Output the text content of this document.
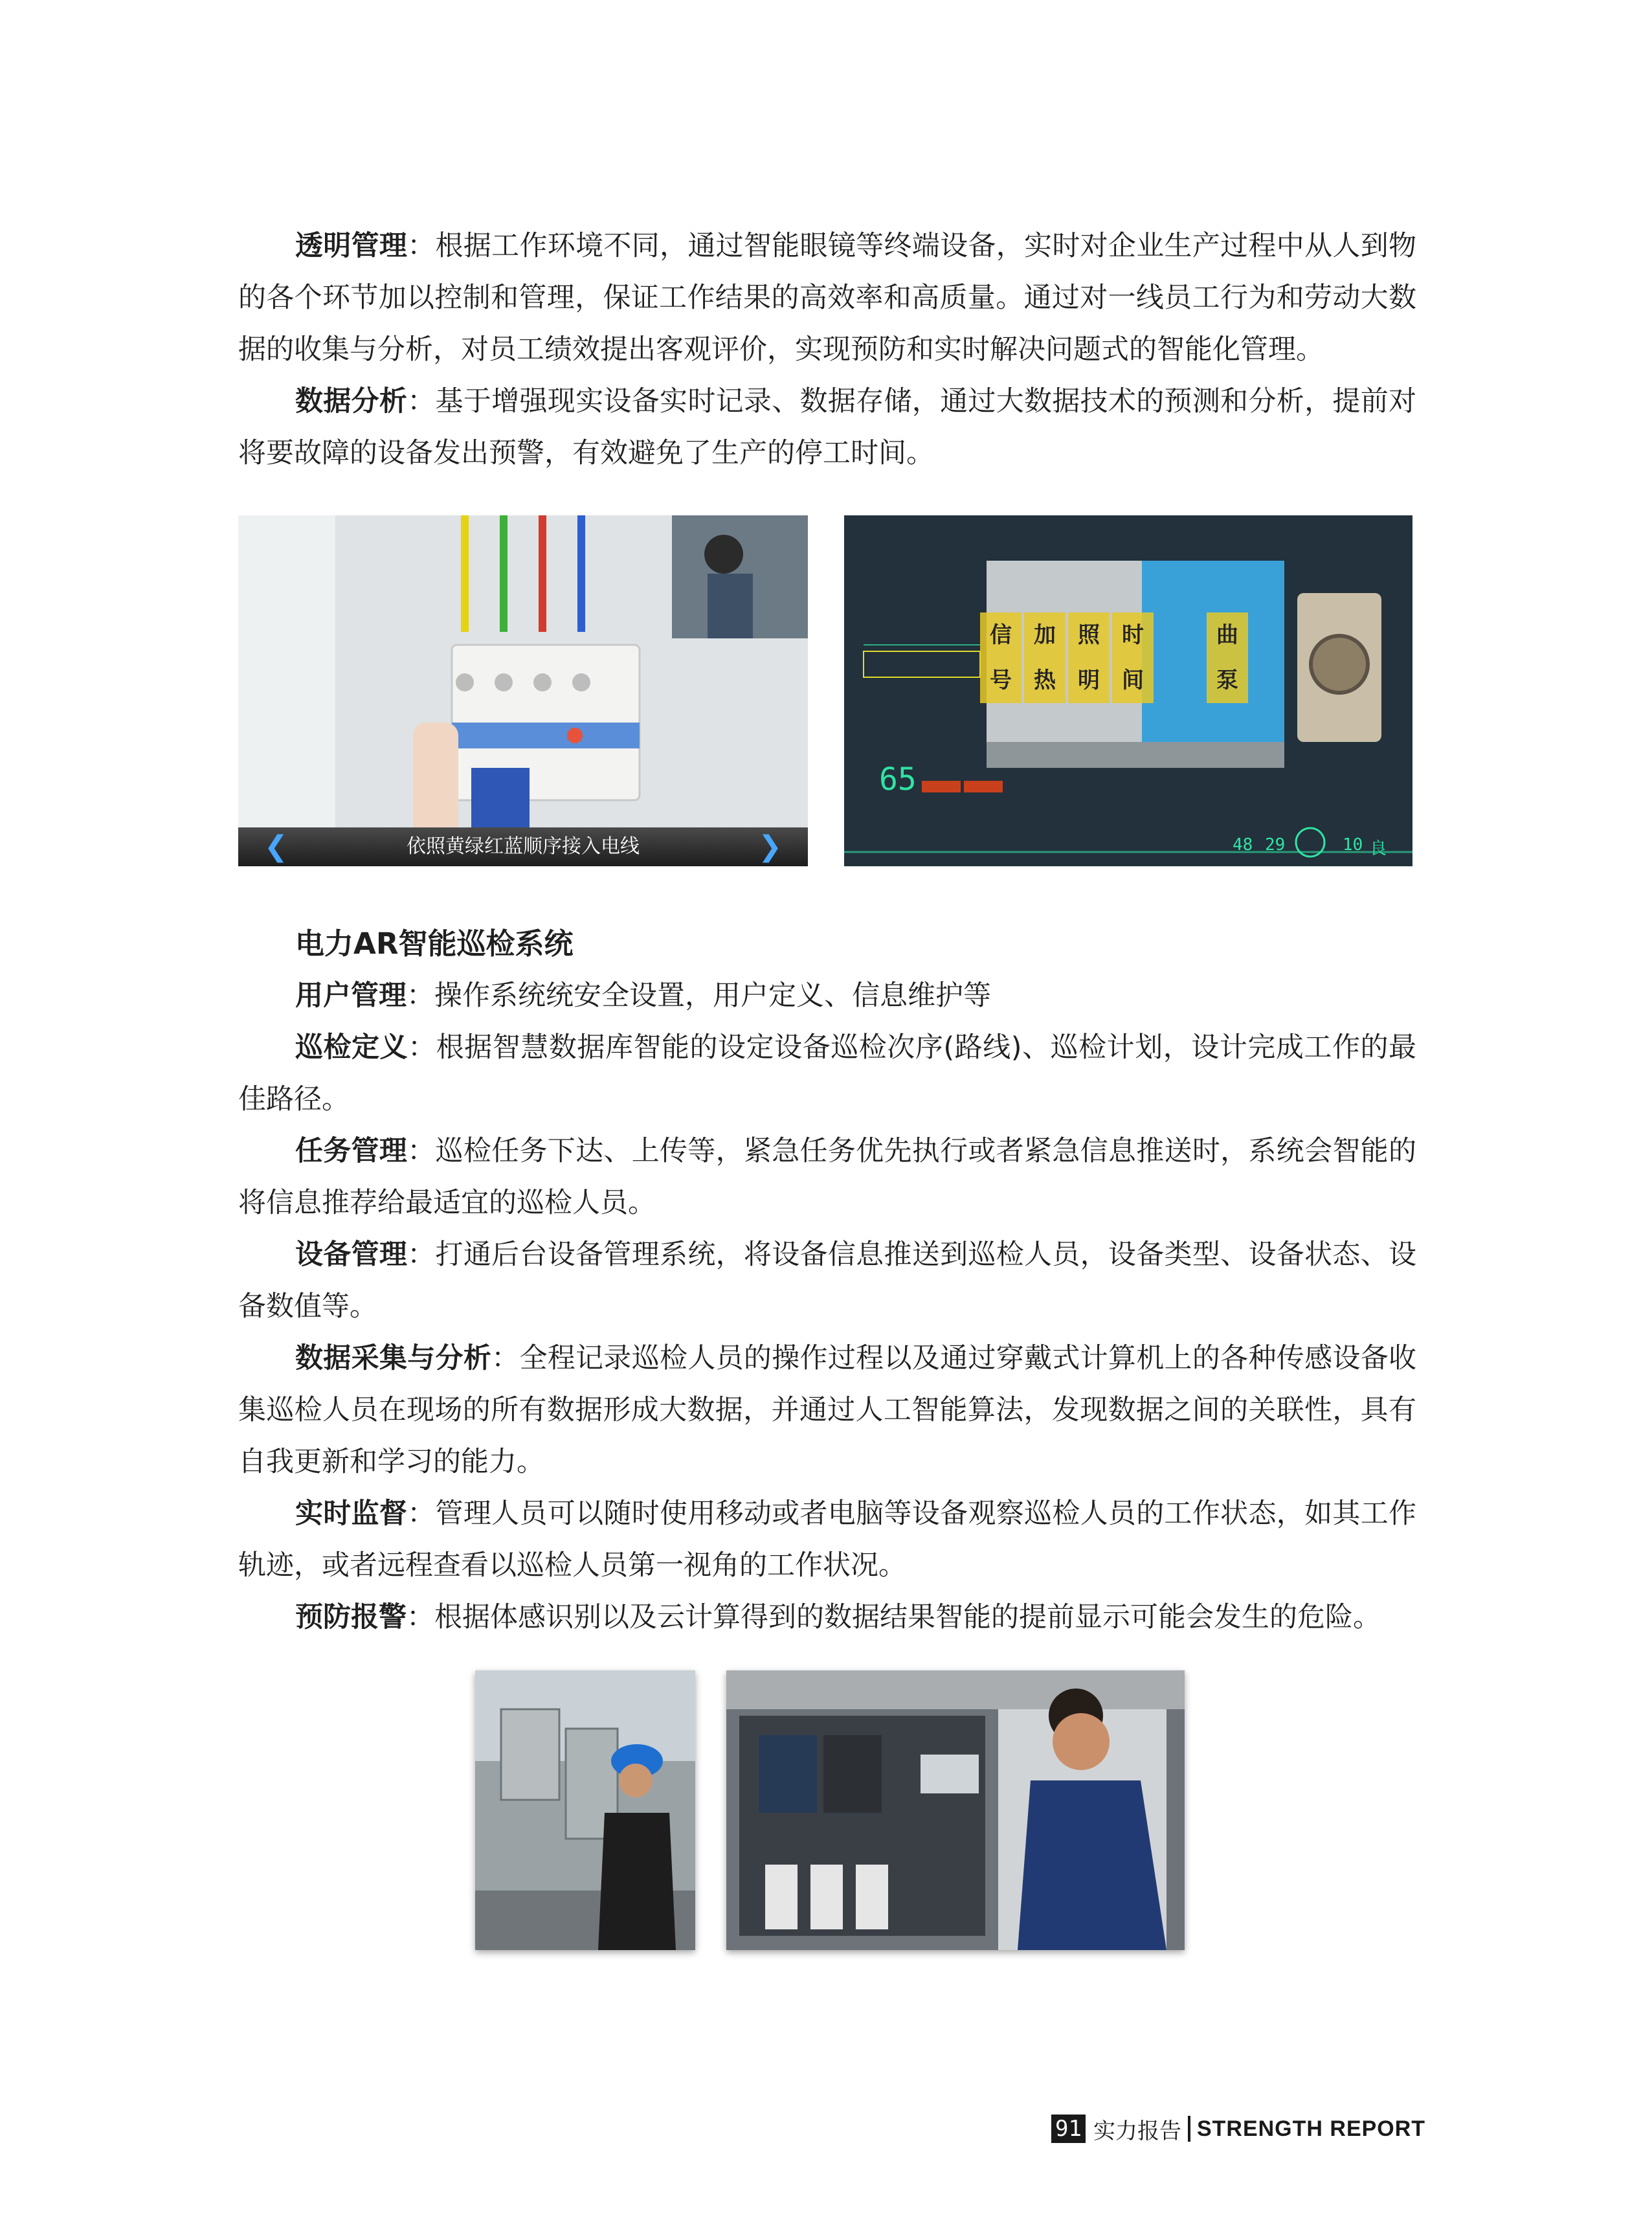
透明管理：根据工作环境不同，通过智能眼镜等终端设备，实时对企业生产过程中从人到物的各个环节加以控制和管理，保证工作结果的高效率和高质量。通过对一线员工行为和劳动大数据的收集与分析，对员工绩效提出客观评价，实现预防和实时解决问题式的智能化管理。

数据分析：基于增强现实设备实时记录、数据存储，通过大数据技术的预测和分析，提前对将要故障的设备发出预警，有效避免了生产的停工时间。

❮	依照黄绿红蓝顺序接入电线	❯
信号
加热
照明
时间
曲泵
65
48 29	10 良

电力AR智能巡检系统

用户管理：操作系统统安全设置，用户定义、信息维护等

巡检定义：根据智慧数据库智能的设定设备巡检次序(路线)、巡检计划，设计完成工作的最佳路径。

任务管理：巡检任务下达、上传等，紧急任务优先执行或者紧急信息推送时，系统会智能的将信息推荐给最适宜的巡检人员。

设备管理：打通后台设备管理系统，将设备信息推送到巡检人员，设备类型、设备状态、设备数值等。

数据采集与分析：全程记录巡检人员的操作过程以及通过穿戴式计算机上的各种传感设备收集巡检人员在现场的所有数据形成大数据，并通过人工智能算法，发现数据之间的关联性，具有自我更新和学习的能力。

实时监督：管理人员可以随时使用移动或者电脑等设备观察巡检人员的工作状态，如其工作轨迹，或者远程查看以巡检人员第一视角的工作状况。

预防报警：根据体感识别以及云计算得到的数据结果智能的提前显示可能会发生的危险。

91 实力报告 STRENGTH REPORT
